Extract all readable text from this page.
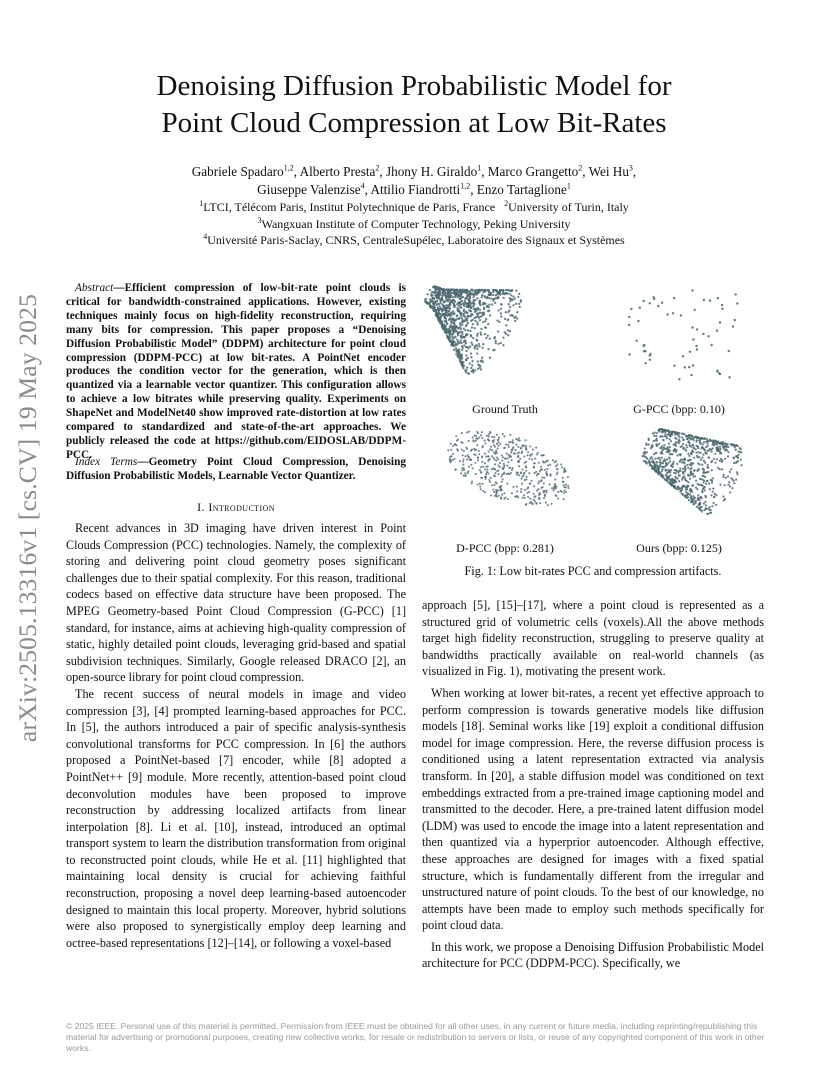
Denoising Diffusion Probabilistic Model for
Point Cloud Compression at Low Bit-Rates
Gabriele Spadaro$^{1,2}$, Alberto Presta$^2$, Jhony H. Giraldo$^1$, Marco Grangetto$^2$, Wei Hu$^3$,
Giuseppe Valenzise$^4$, Attilio Fiandrotti$^{1,2}$, Enzo Tartaglione$^1$
$^1$LTCI, Télécom Paris, Institut Polytechnique de Paris, France $^2$University of Turin, Italy
$^3$Wangxuan Institute of Computer Technology, Peking University
$^4$Université Paris-Saclay, CNRS, CentraleSupélec, Laboratoire des Signaux et Systèmes
arXiv:2505.13316v1 [cs.CV] 19 May 2025

Abstract—Efficient compression of low-bit-rate point clouds is critical for bandwidth-constrained applications. However, existing techniques mainly focus on high-fidelity reconstruction, requiring many bits for compression. This paper proposes a “Denoising Diffusion Probabilistic Model” (DDPM) architecture for point cloud compression (DDPM-PCC) at low bit-rates. A PointNet encoder produces the condition vector for the generation, which is then quantized via a learnable vector quantizer. This configuration allows to achieve a low bitrates while preserving quality. Experiments on ShapeNet and ModelNet40 show improved rate-distortion at low rates compared to standardized and state-of-the-art approaches. We publicly released the code at https://github.com/EIDOSLAB/DDPM-PCC.

Index Terms—Geometry Point Cloud Compression, Denoising Diffusion Probabilistic Models, Learnable Vector Quantizer.

I. Introduction

Recent advances in 3D imaging have driven interest in Point Clouds Compression (PCC) technologies. Namely, the complexity of storing and delivering point cloud geometry poses significant challenges due to their spatial complexity. For this reason, traditional codecs based on effective data structure have been proposed. The MPEG Geometry-based Point Cloud Compression (G-PCC) [1] standard, for instance, aims at achieving high-quality compression of static, highly detailed point clouds, leveraging grid-based and spatial subdivision techniques. Similarly, Google released DRACO [2], an open-source library for point cloud compression.

The recent success of neural models in image and video compression [3], [4] prompted learning-based approaches for PCC. In [5], the authors introduced a pair of specific analysis-synthesis convolutional transforms for PCC compression. In [6] the authors proposed a PointNet-based [7] encoder, while [8] adopted a PointNet++ [9] module. More recently, attention-based point cloud deconvolution modules have been proposed to improve reconstruction by addressing localized artifacts from linear interpolation [8]. Li et al. [10], instead, introduced an optimal transport system to learn the distribution transformation from original to reconstructed point clouds, while He et al. [11] highlighted that maintaining local density is crucial for achieving faithful reconstruction, proposing a novel deep learning-based autoencoder designed to maintain this local property. Moreover, hybrid solutions were also proposed to synergistically employ deep learning and octree-based representations [12]–[14], or following a voxel-based

Ground Truth	G-PCC (bpp: 0.10)
D-PCC (bpp: 0.281)	Ours (bpp: 0.125)
Fig. 1: Low bit-rates PCC and compression artifacts.

approach [5], [15]–[17], where a point cloud is represented as a structured grid of volumetric cells (voxels).All the above methods target high fidelity reconstruction, struggling to preserve quality at bandwidths practically available on real-world channels (as visualized in Fig. 1), motivating the present work.

When working at lower bit-rates, a recent yet effective approach to perform compression is towards generative models like diffusion models [18]. Seminal works like [19] exploit a conditional diffusion model for image compression. Here, the reverse diffusion process is conditioned using a latent representation extracted via analysis transform. In [20], a stable diffusion model was conditioned on text embeddings extracted from a pre-trained image captioning model and transmitted to the decoder. Here, a pre-trained latent diffusion model (LDM) was used to encode the image into a latent representation and then quantized via a hyperprior autoencoder. Although effective, these approaches are designed for images with a fixed spatial structure, which is fundamentally different from the irregular and unstructured nature of point clouds. To the best of our knowledge, no attempts have been made to employ such methods specifically for point cloud data.

In this work, we propose a Denoising Diffusion Probabilistic Model architecture for PCC (DDPM-PCC). Specifically, we

© 2025 IEEE. Personal use of this material is permitted. Permission from IEEE must be obtained for all other uses, in any current or future media, including reprinting/republishing this material for advertising or promotional purposes, creating new collective works, for resale or redistribution to servers or lists, or reuse of any copyrighted component of this work in other works.
